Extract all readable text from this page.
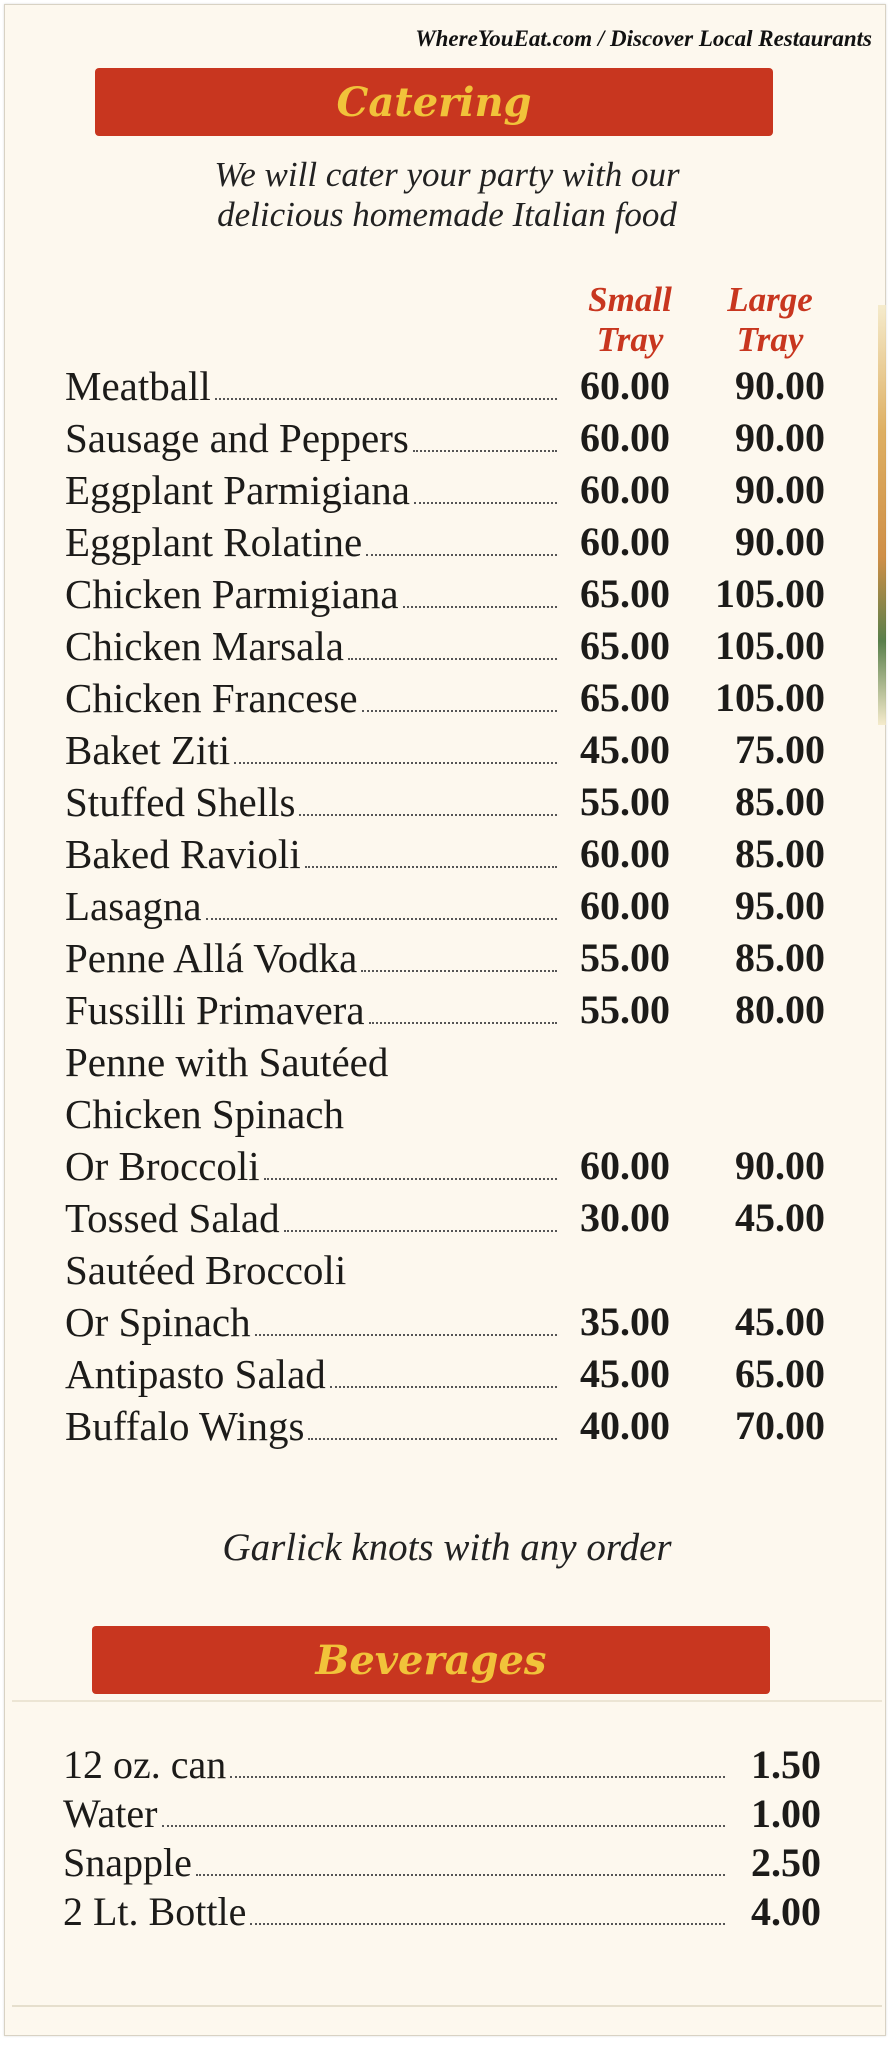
WhereYouEat.com / Discover Local Restaurants
Catering
We will cater your party with our
delicious homemade Italian food
Small
Tray
Large
Tray
Meatball	60.00	90.00
Sausage and Peppers	60.00	90.00
Eggplant Parmigiana	60.00	90.00
Eggplant Rolatine	60.00	90.00
Chicken Parmigiana	65.00	105.00
Chicken Marsala	65.00	105.00
Chicken Francese	65.00	105.00
Baket Ziti	45.00	75.00
Stuffed Shells	55.00	85.00
Baked Ravioli	60.00	85.00
Lasagna	60.00	95.00
Penne Allá Vodka	55.00	85.00
Fussilli Primavera	55.00	80.00
Penne with Sautéed
Chicken Spinach
Or Broccoli	60.00	90.00
Tossed Salad	30.00	45.00
Sautéed Broccoli
Or Spinach	35.00	45.00
Antipasto Salad	45.00	65.00
Buffalo Wings	40.00	70.00
Garlick knots with any order
Beverages
12 oz. can	1.50
Water	1.00
Snapple	2.50
2 Lt. Bottle	4.00
